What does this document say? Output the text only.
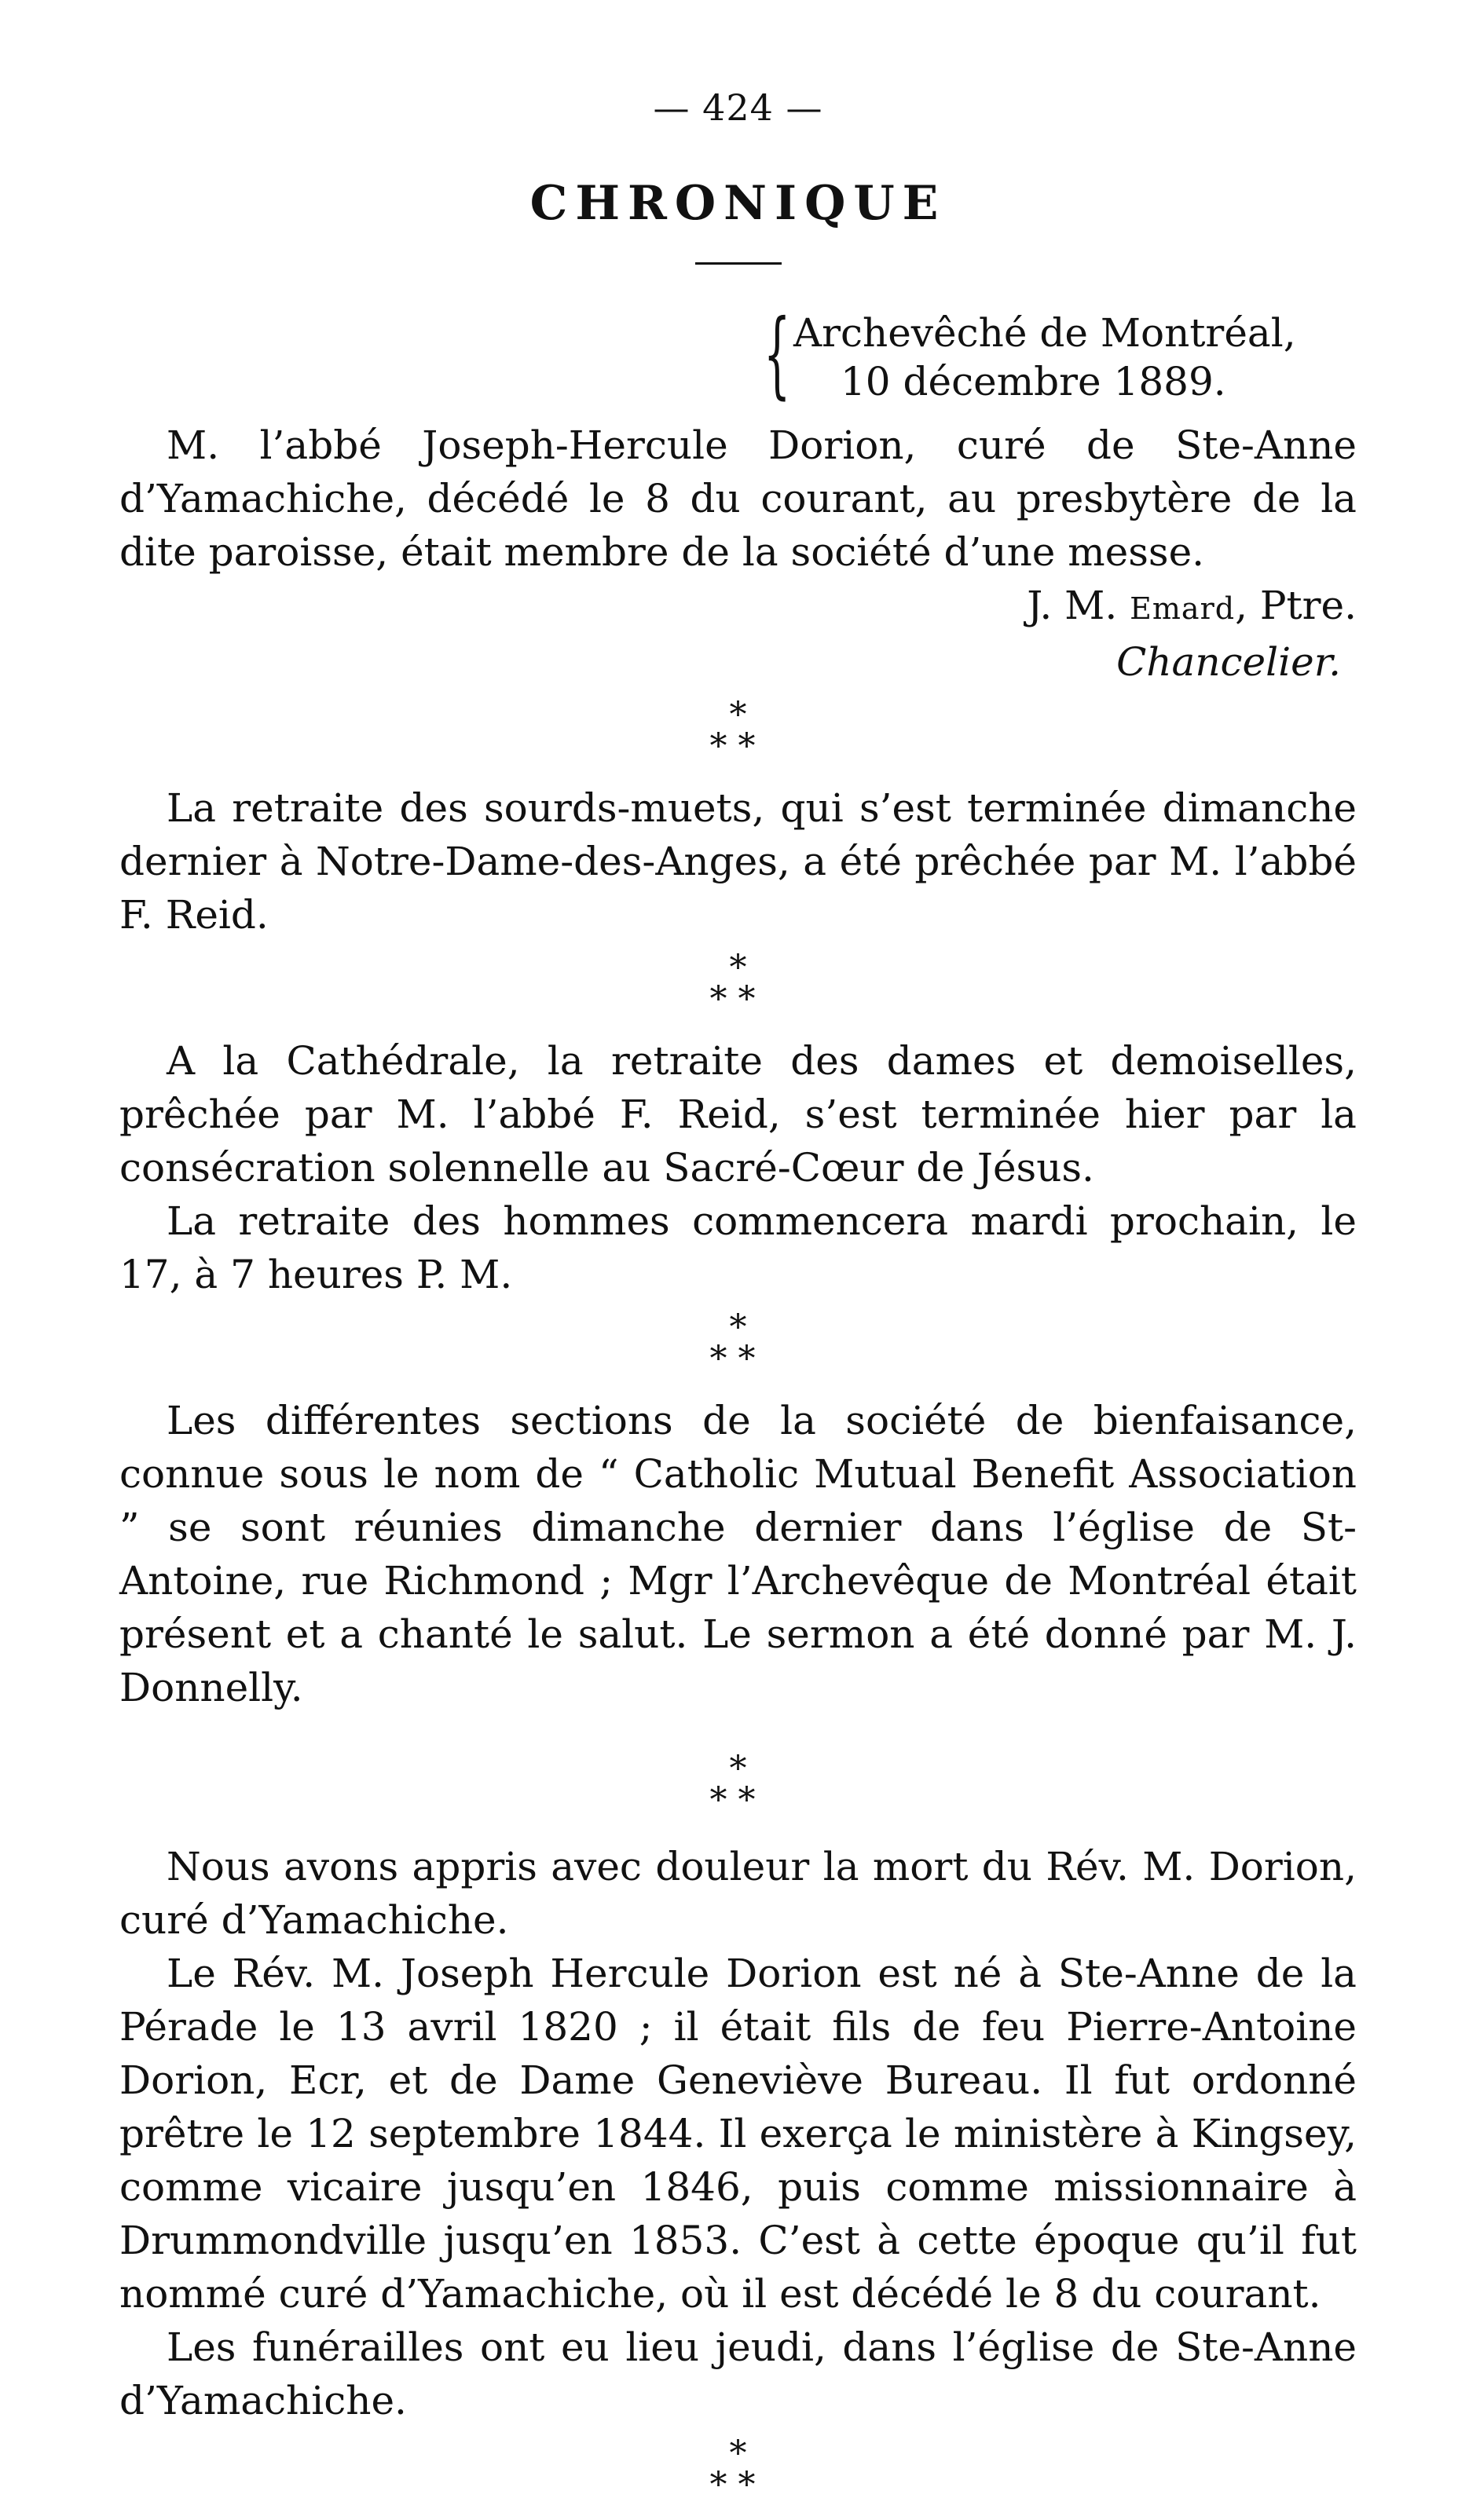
— 424 —
CHRONIQUE
{ Archevêché de Montréal,
10 décembre 1889.

M. l’abbé Joseph-Hercule Dorion, curé de Ste-Anne d’Yamachiche, décédé le 8 du courant, au presbytère de la dite paroisse, était membre de la société d’une messe.

J. M. Emard, Ptre.
Chancelier.
*
**

La retraite des sourds-muets, qui s’est terminée dimanche dernier à Notre-Dame-des-Anges, a été prêchée par M. l’abbé F. Reid.

*
**

A la Cathédrale, la retraite des dames et demoiselles, prêchée par M. l’abbé F. Reid, s’est terminée hier par la consécration solennelle au Sacré-Cœur de Jésus.

La retraite des hommes commencera mardi prochain, le 17, à 7 heures P. M.

*
**

Les différentes sections de la société de bienfaisance, connue sous le nom de “ Catholic Mutual Benefit Association ” se sont réunies dimanche dernier dans l’église de St-Antoine, rue Richmond ; Mgr l’Archevêque de Montréal était présent et a chanté le salut. Le sermon a été donné par M. J. Donnelly.

*
**

Nous avons appris avec douleur la mort du Rév. M. Dorion, curé d’Yamachiche.

Le Rév. M. Joseph Hercule Dorion est né à Ste-Anne de la Pérade le 13 avril 1820 ; il était fils de feu Pierre-Antoine Dorion, Ecr, et de Dame Geneviève Bureau. Il fut ordonné prêtre le 12 septembre 1844. Il exerça le ministère à Kingsey, comme vicaire jusqu’en 1846, puis comme missionnaire à Drummondville jusqu’en 1853. C’est à cette époque qu’il fut nommé curé d’Yamachiche, où il est décédé le 8 du courant.

Les funérailles ont eu lieu jeudi, dans l’église de Ste-Anne d’Yamachiche.

*
**
